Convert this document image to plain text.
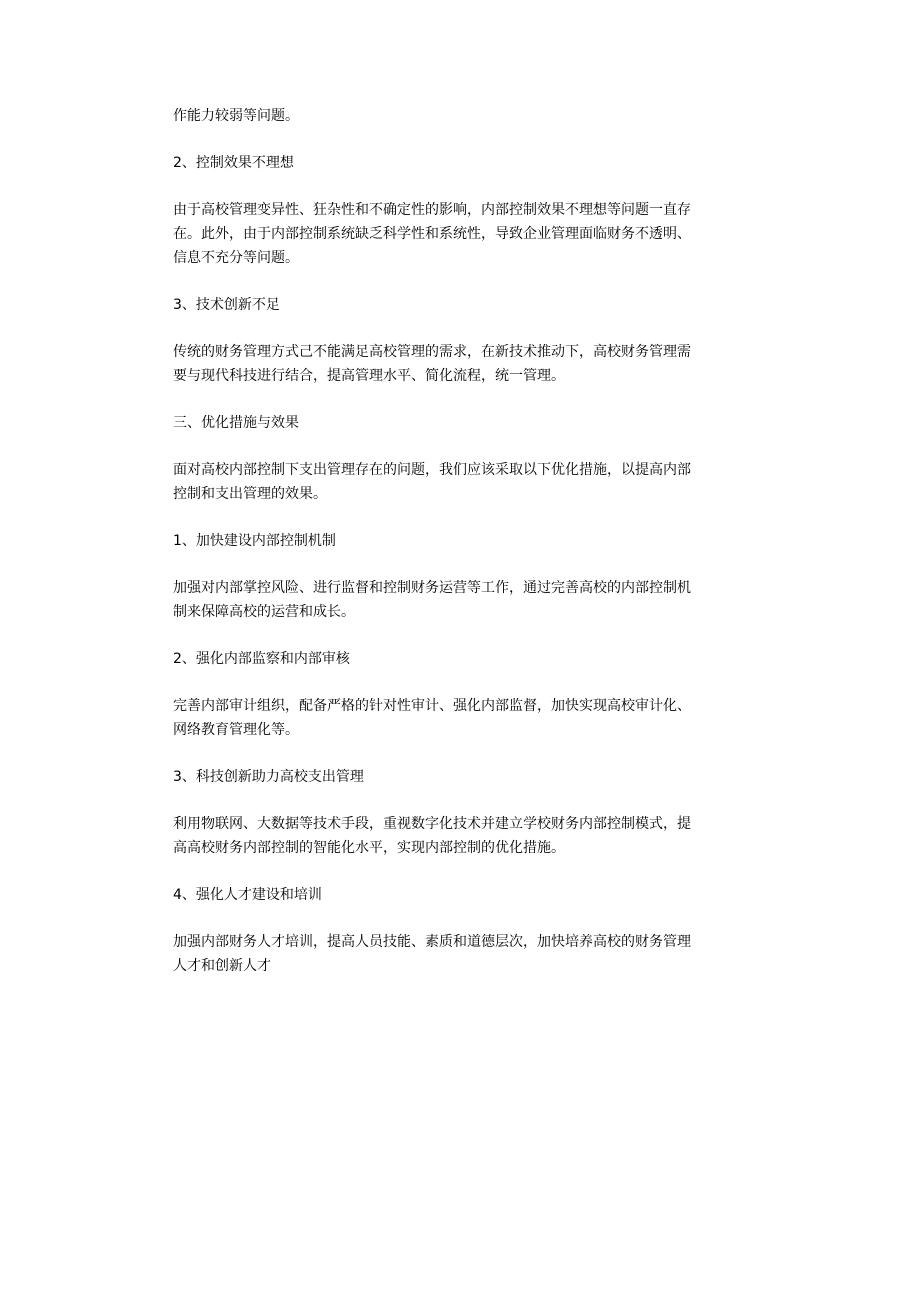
作能力较弱等问题。
2、控制效果不理想
由于高校管理变异性、狂杂性和不确定性的影响，内部控制效果不理想等问题一直存
在。此外，由于内部控制系统缺乏科学性和系统性，导致企业管理面临财务不透明、
信息不充分等问题。
3、技术创新不足
传统的财务管理方式己不能满足高校管理的需求，在新技术推动下，高校财务管理需
要与现代科技进行结合，提高管理水平、简化流程，统一管理。
三、优化措施与效果
面对高校内部控制下支出管理存在的问题，我们应该采取以下优化措施，以提高内部
控制和支出管理的效果。
1、加快建设内部控制机制
加强对内部掌控风险、进行监督和控制财务运营等工作，通过完善高校的内部控制机
制来保障高校的运营和成长。
2、强化内部监察和内部审核
完善内部审计组织，配备严格的针对性审计、强化内部监督，加快实现高校审计化、
网络教育管理化等。
3、科技创新助力高校支出管理
利用物联网、大数据等技术手段，重视数字化技术并建立学校财务内部控制模式，提
高高校财务内部控制的智能化水平，实现内部控制的优化措施。
4、强化人才建设和培训
加强内部财务人才培训，提高人员技能、素质和道德层次，加快培养高校的财务管理
人才和创新人才
